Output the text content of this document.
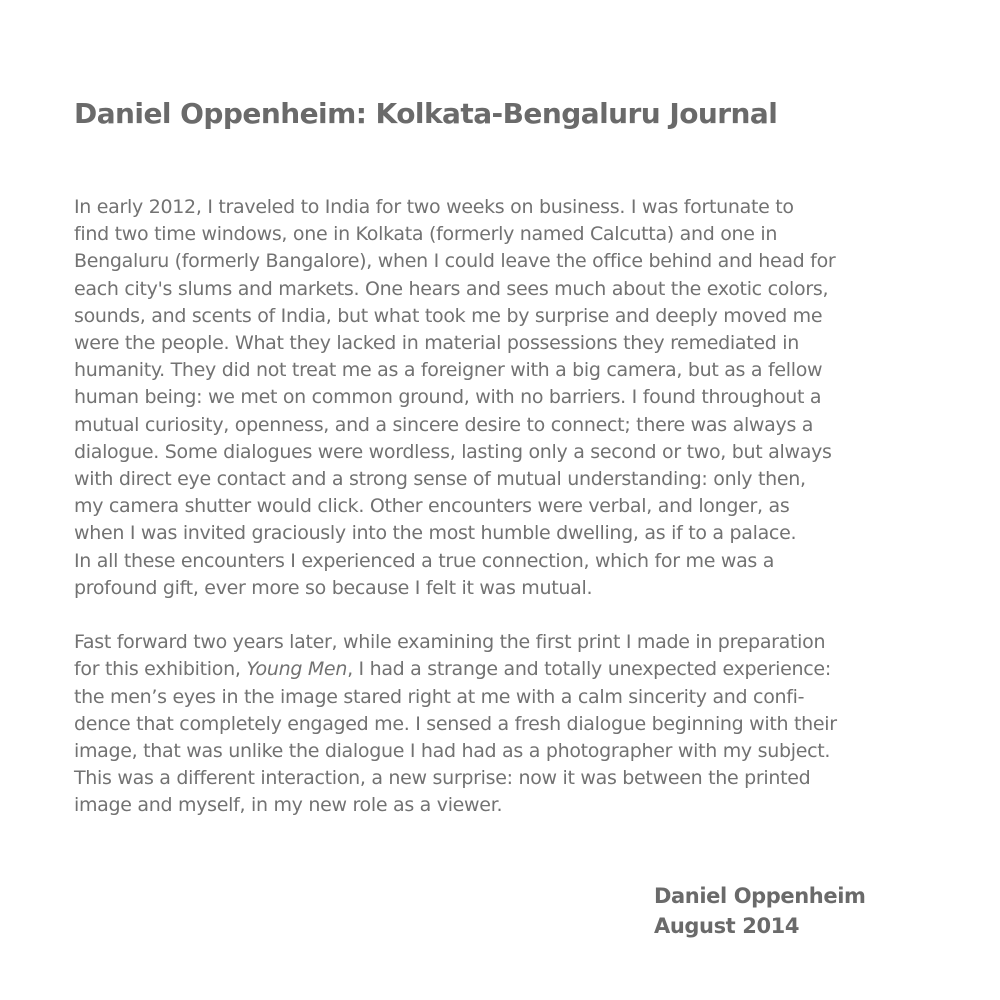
Daniel Oppenheim: Kolkata-Bengaluru Journal

In early 2012, I traveled to India for two weeks on business. I was fortunate to
find two time windows, one in Kolkata (formerly named Calcutta) and one in
Bengaluru (formerly Bangalore), when I could leave the office behind and head for
each city's slums and markets. One hears and sees much about the exotic colors,
sounds, and scents of India, but what took me by surprise and deeply moved me
were the people. What they lacked in material possessions they remediated in
humanity. They did not treat me as a foreigner with a big camera, but as a fellow
human being: we met on common ground, with no barriers. I found throughout a
mutual curiosity, openness, and a sincere desire to connect; there was always a
dialogue. Some dialogues were wordless, lasting only a second or two, but always
with direct eye contact and a strong sense of mutual understanding: only then,
my camera shutter would click. Other encounters were verbal, and longer, as
when I was invited graciously into the most humble dwelling, as if to a palace.
In all these encounters I experienced a true connection, which for me was a
profound gift, ever more so because I felt it was mutual.

Fast forward two years later, while examining the first print I made in preparation
for this exhibition, Young Men, I had a strange and totally unexpected experience:
the men’s eyes in the image stared right at me with a calm sincerity and confi-
dence that completely engaged me. I sensed a fresh dialogue beginning with their
image, that was unlike the dialogue I had had as a photographer with my subject.
This was a different interaction, a new surprise: now it was between the printed
image and myself, in my new role as a viewer.

Daniel Oppenheim
August 2014
